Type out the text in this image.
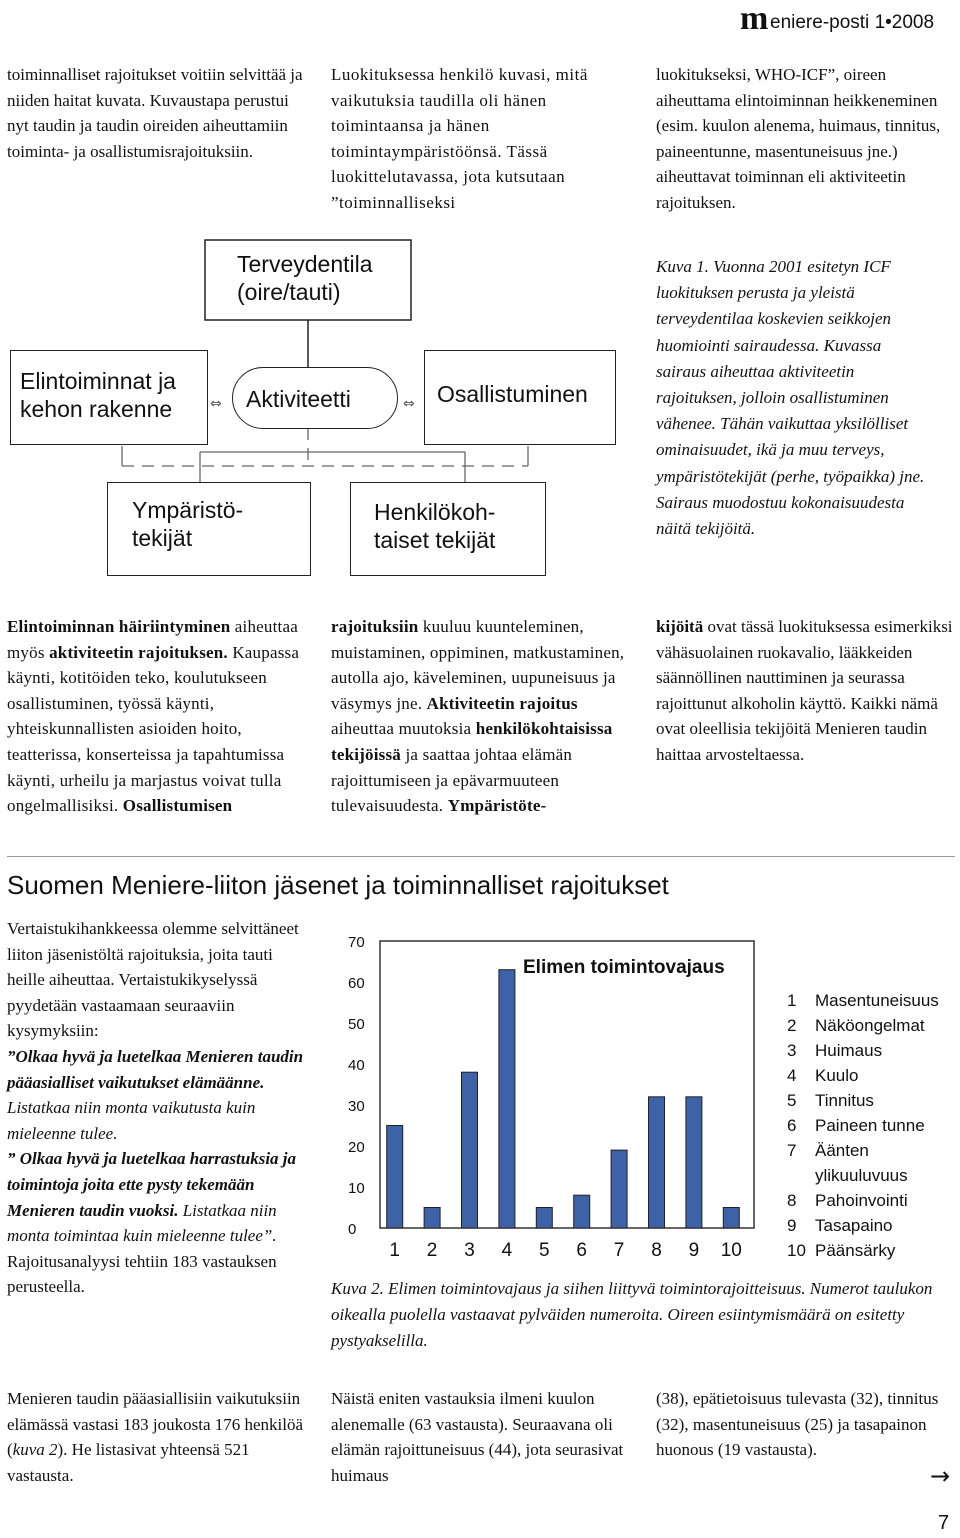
m eniere-posti 1•2008
toiminnalliset rajoitukset voitiin selvittää ja niiden haitat kuvata. Kuvaustapa perustui nyt taudin ja taudin oireiden aiheuttamiin toiminta- ja osallistumisrajoituksiin.
Luokituksessa henkilö kuvasi, mitä vaikutuksia taudilla oli hänen toimintaansa ja hänen toimintaympäristöönsä. Tässä luokittelutavassa, jota kutsutaan ”toiminnalliseksi
luokitukseksi, WHO-ICF”, oireen aiheuttama elintoiminnan heikkeneminen (esim. kuulon alenema, huimaus, tinnitus, paineentunne, masentuneisuus jne.) aiheuttavat toiminnan eli aktiviteetin rajoituksen.
⇔	⇔
Terveydentila
(oire/tauti)
Elintoiminnat ja
kehon rakenne	Aktiviteetti	Osallistuminen
Ympäristö-
tekijät
Henkilökoh-
taiset tekijät
Kuva 1. Vuonna 2001 esitetyn ICF luokituksen perusta ja yleistä terveydentilaa koskevien seikkojen huomiointi sairaudessa. Kuvassa sairaus aiheuttaa aktiviteetin rajoituksen, jolloin osallistuminen vähenee. Tähän vaikuttaa yksilölliset ominaisuudet, ikä ja muu terveys, ympäristötekijät (perhe, työpaikka) jne. Sairaus muodostuu kokonaisuudesta näitä tekijöitä.
Elintoiminnan häiriintyminen aiheuttaa myös aktiviteetin rajoituksen. Kaupassa käynti, kotitöiden teko, koulutukseen osallistuminen, työssä käynti, yhteiskunnallisten asioiden hoito, teatterissa, konserteissa ja tapahtumissa käynti, urheilu ja marjastus voivat tulla ongelmallisiksi. Osallistumisen
rajoituksiin kuuluu kuunteleminen, muistaminen, oppiminen, matkustaminen, autolla ajo, käveleminen, uupuneisuus ja väsymys jne. Aktiviteetin rajoitus aiheuttaa muutoksia henkilökohtaisissa tekijöissä ja saattaa johtaa elämän rajoittumiseen ja epävarmuuteen tulevaisuudesta. Ympäristöte-
kijöitä ovat tässä luokituksessa esimerkiksi vähäsuolainen ruokavalio, lääkkeiden säännöllinen nauttiminen ja seurassa rajoittunut alkoholin käyttö. Kaikki nämä ovat oleellisia tekijöitä Menieren taudin haittaa arvosteltaessa.
Suomen Meniere-liiton jäsenet ja toiminnalliset rajoitukset
Vertaistukihankkeessa olemme selvittäneet liiton jäsenistöltä rajoituksia, joita tauti heille aiheuttaa. Vertaistukikyselyssä pyydetään vastaamaan seuraaviin kysymyksiin:
”Olkaa hyvä ja luetelkaa Menieren taudin pääasialliset vaikutukset elämäänne. Listatkaa niin monta vaikutusta kuin mieleenne tulee.
” Olkaa hyvä ja luetelkaa harrastuksia ja toimintoja joita ette pysty tekemään Menieren taudin vuoksi. Listatkaa niin monta toimintaa kuin mieleenne tulee”.
Rajoitusanalyysi tehtiin 183 vastauksen perusteella.
0
10
20
30
40
50
60
70
1 2 3 4 5 6 7 8 9 10
Elimen toimintovajaus
1	Masentuneisuus
2	Näköongelmat
3	Huimaus
4	Kuulo
5	Tinnitus
6	Paineen tunne
7	Äänten
ylikuuluvuus
8	Pahoinvointi
9	Tasapaino
10 Päänsärky
Kuva 2. Elimen toimintovajaus ja siihen liittyvä toimintorajoitteisuus. Numerot taulukon oikealla puolella vastaavat pylväiden numeroita. Oireen esiintymismäärä on esitetty pystyakselilla.
Menieren taudin pääasiallisiin vaikutuksiin elämässä vastasi 183 joukosta 176 henkilöä (kuva 2). He listasivat yhteensä 521 vastausta.
Näistä eniten vastauksia ilmeni kuulon alenemalle (63 vastausta). Seuraavana oli elämän rajoittuneisuus (44), jota seurasivat huimaus
(38), epätietoisuus tulevasta (32), tinnitus (32), masentuneisuus (25) ja tasapainon huonous (19 vastausta).
→
7
